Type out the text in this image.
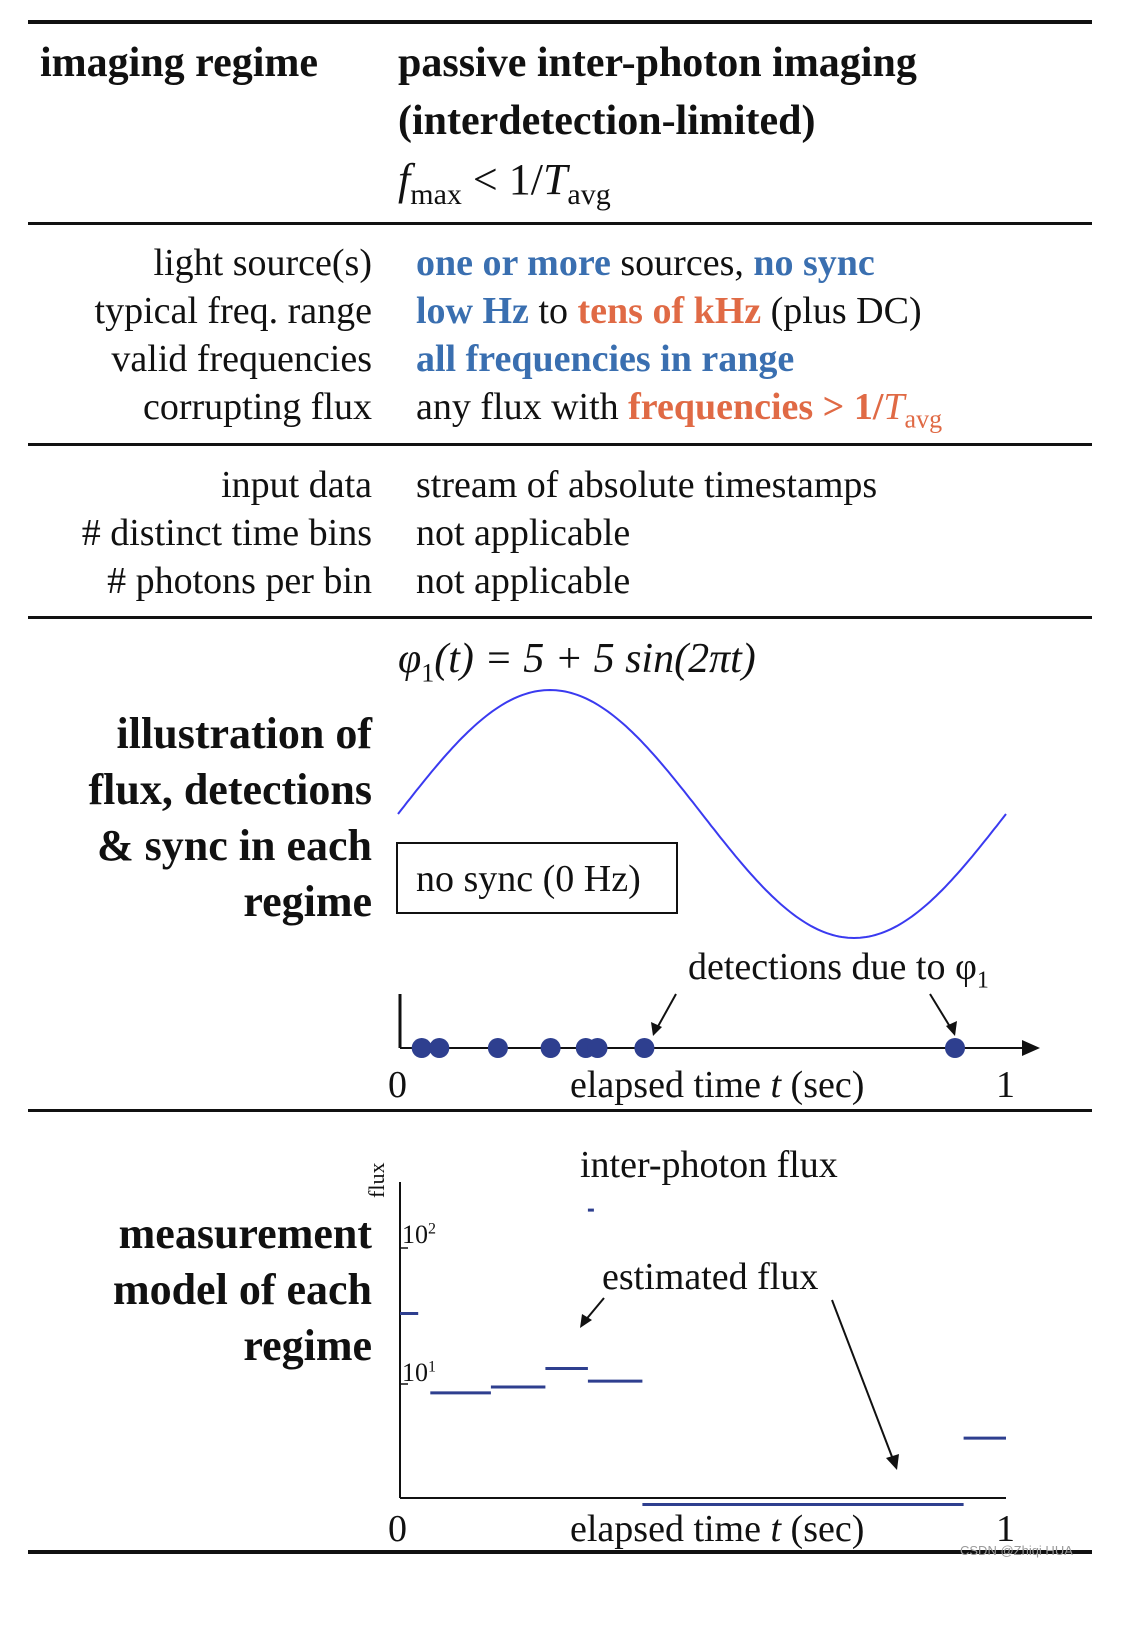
imaging regime passive inter-photon imaging
(interdetection-limited)
$f_{max} < 1/T_{avg}$
light source(s) one or more sources, no sync
typical freq. range low Hz to tens of kHz (plus DC)
valid frequencies all frequencies in range
corrupting flux any flux with frequencies > $1/T_{avg}$
input data stream of absolute timestamps
# distinct time bins not applicable
# photons per bin not applicable
illustration of
flux, detections
& sync in each
regime
$\varphi_1(t) = 5 + 5$ sin(2πt)
no sync (0 Hz)
detections due to $\varphi_1$
0	1
elapsed time t (sec)
measurement
model of each
regime
inter-photon flux
estimated flux
flux
$10^2$
$10^1$
0	1
elapsed time t (sec)
CSDN @Zhiqi HUA
